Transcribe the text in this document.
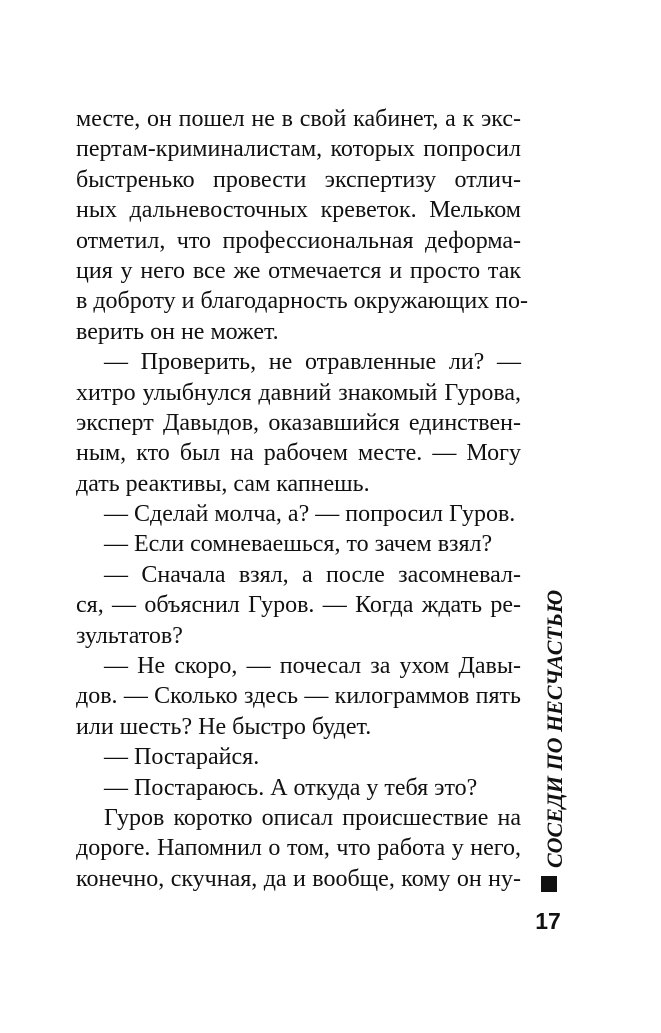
месте, он пошел не в свой кабинет, а к экс-
пертам-криминалистам, которых попросил
быстренько провести экспертизу отлич-
ных дальневосточных креветок. Мельком
отметил, что профессиональная деформа-
ция у него все же отмечается и просто так
в доброту и благодарность окружающих по-
верить он не может.
— Проверить, не отравленные ли? —
хитро улыбнулся давний знакомый Гурова,
эксперт Давыдов, оказавшийся единствен-
ным, кто был на рабочем месте. — Могу
дать реактивы, сам капнешь.
— Сделай молча, а? — попросил Гуров.
— Если сомневаешься, то зачем взял?
— Сначала взял, а после засомневал-
ся, — объяснил Гуров. — Когда ждать ре-
зультатов?
— Не скоро, — почесал за ухом Давы-
дов. — Сколько здесь — килограммов пять
или шесть? Не быстро будет.
— Постарайся.
— Постараюсь. А откуда у тебя это?
Гуров коротко описал происшествие на
дороге. Напомнил о том, что работа у него,
конечно, скучная, да и вообще, кому он ну-
СОСЕДИ ПО НЕСЧАСТЬЮ
17
